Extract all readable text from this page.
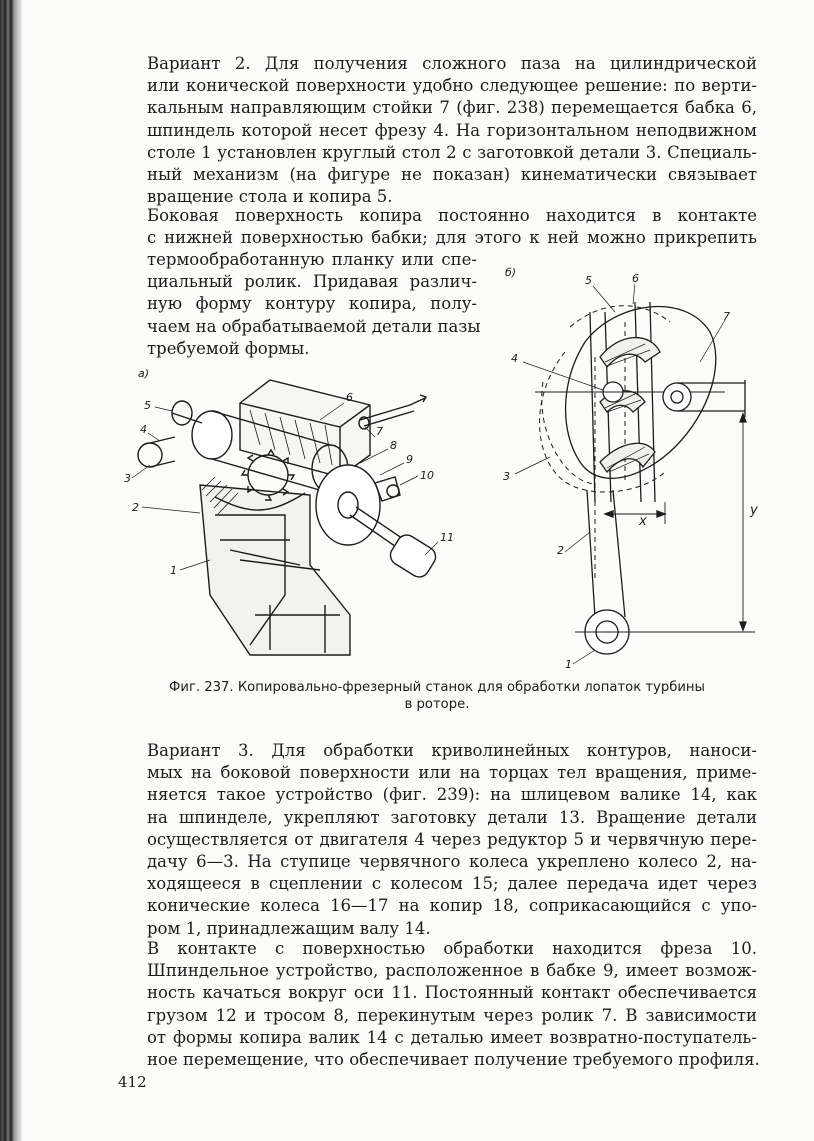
Вариант 2. Для получения сложного паза на цилиндрической
или конической поверхности удобно следующее решение: по верти-
кальным направляющим стойки 7 (фиг. 238) перемещается бабка 6,
шпиндель которой несет фрезу 4. На горизонтальном неподвижном
столе 1 установлен круглый стол 2 с заготовкой детали 3. Специаль-
ный механизм (на фигуре не показан) кинематически связывает
вращение стола и копира 5.

Боковая поверхность копира постоянно находится в контакте
с нижней поверхностью бабки; для этого к ней можно прикрепить

термообработанную планку или спе-
циальный ролик. Придавая различ-
ную форму контуру копира, полу-
чаем на обрабатываемой детали пазы
требуемой формы.

а)
5
4
3
2
1
6
7
8
9
10
11
б)
5	6
7
4
3
2
1
x
y
Фиг. 237. Копировально-фрезерный станок для обработки лопаток турбины
в роторе.

Вариант 3. Для обработки криволинейных контуров, наноси-
мых на боковой поверхности или на торцах тел вращения, приме-
няется такое устройство (фиг. 239): на шлицевом валике 14, как
на шпинделе, укрепляют заготовку детали 13. Вращение детали
осуществляется от двигателя 4 через редуктор 5 и червячную пере-
дачу 6—3. На ступице червячного колеса укреплено колесо 2, на-
ходящееся в сцеплении с колесом 15; далее передача идет через
конические колеса 16—17 на копир 18, соприкасающийся с упо-
ром 1, принадлежащим валу 14.

В контакте с поверхностью обработки находится фреза 10.
Шпиндельное устройство, расположенное в бабке 9, имеет возмож-
ность качаться вокруг оси 11. Постоянный контакт обеспечивается
грузом 12 и тросом 8, перекинутым через ролик 7. В зависимости
от формы копира валик 14 с деталью имеет возвратно-поступатель-
ное перемещение, что обеспечивает получение требуемого профиля.

412
